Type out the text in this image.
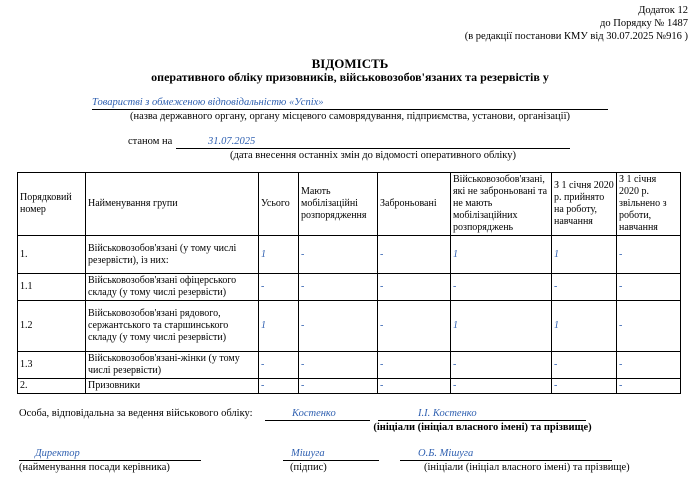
Додаток 12
до Порядку № 1487
(в редакції постанови КМУ від 30.07.2025 №916 )
ВІДОМІСТЬ
оперативного обліку призовників, військовозобов'язаних та резервістів у
Товаристві з обмеженою відповідальністю «Успіх»
(назва державного органу, органу місцевого самоврядування, підприємства, установи, організації)
станом на	31.07.2025
(дата внесення останніх змін до відомості оперативного обліку)
Порядковий номер	Найменування групи	Усього	Мають мобілізаційні розпорядження	Заброньовані	Військовозобов'язані, які не заброньовані та не мають мобілізаційних розпоряджень	З 1 січня 2020 р. прийнято на роботу, навчання	З 1 січня 2020 р. звільнено з роботи, навчання
1.	Військовозобов'язані (у тому числі резервісти), із них:	1	-	-	1	1	-
1.1	Військовозобов'язані офіцерського складу (у тому числі резервісти)	-	-	-	-	-	-
1.2	Військовозобов'язані рядового, сержантського та старшинського складу (у тому числі резервісти)	1	-	-	1	1	-
1.3	Військовозобов'язані-жінки (у тому числі резервісти)	-	-	-	-	-	-
2.	Призовники	-	-	-	-	-	-
Особа, відповідальна за ведення військового обліку:	Костенко	І.І. Костенко
(ініціали (ініціал власного імені) та прізвище)
Директор
(найменування посади керівника)
Мішуга
(підпис)
О.Б. Мішуга
(ініціали (ініціал власного імені) та прізвище)
